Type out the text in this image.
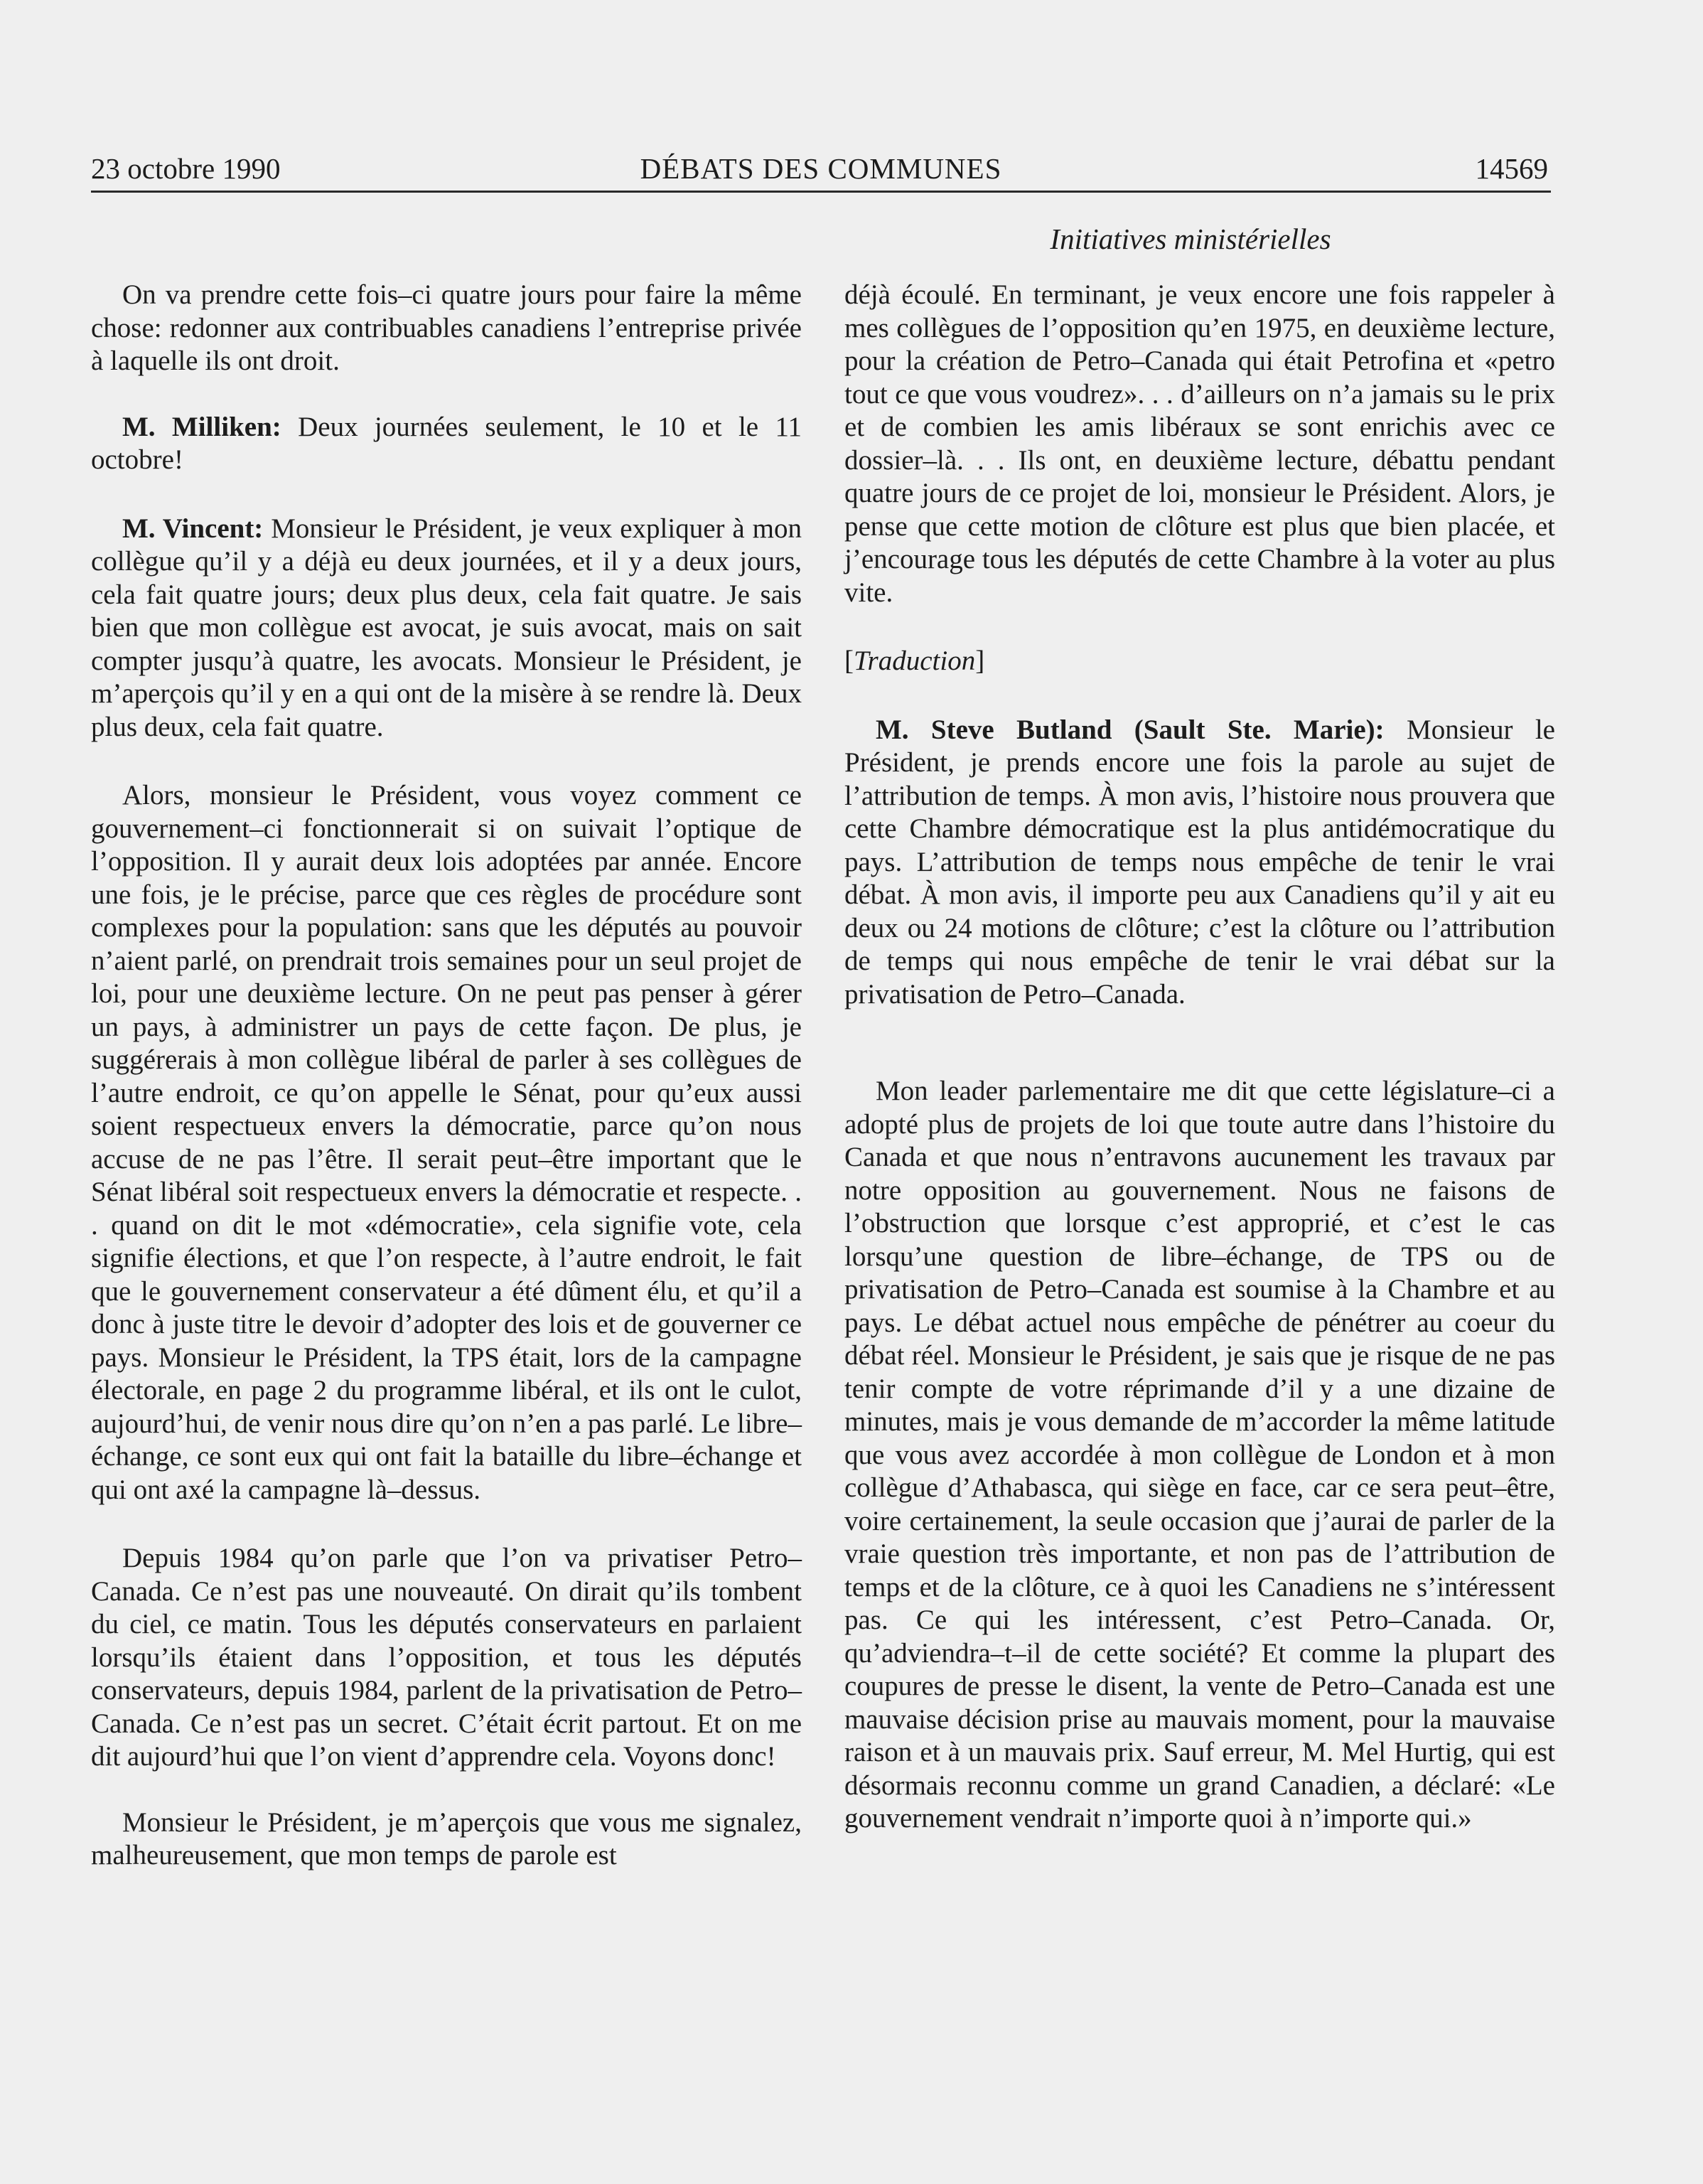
23 octobre 1990	DÉBATS DES COMMUNES	14569
Initiatives ministérielles

On va prendre cette fois–ci quatre jours pour faire la même chose: redonner aux contribuables canadiens l’entreprise privée à laquelle ils ont droit.

M. Milliken: Deux journées seulement, le 10 et le 11 octobre!

M. Vincent: Monsieur le Président, je veux expliquer à mon collègue qu’il y a déjà eu deux journées, et il y a deux jours, cela fait quatre jours; deux plus deux, cela fait quatre. Je sais bien que mon collègue est avocat, je suis avocat, mais on sait compter jusqu’à quatre, les avocats. Monsieur le Président, je m’aperçois qu’il y en a qui ont de la misère à se rendre là. Deux plus deux, cela fait quatre.

Alors, monsieur le Président, vous voyez comment ce gouvernement–ci fonctionnerait si on suivait l’optique de l’opposition. Il y aurait deux lois adoptées par année. Encore une fois, je le précise, parce que ces règles de procédure sont complexes pour la population: sans que les députés au pouvoir n’aient parlé, on prendrait trois semaines pour un seul projet de loi, pour une deuxième lecture. On ne peut pas penser à gérer un pays, à administrer un pays de cette façon. De plus, je suggérerais à mon collègue libéral de parler à ses collègues de l’autre endroit, ce qu’on appelle le Sénat, pour qu’eux aussi soient respectueux envers la démocratie, parce qu’on nous accuse de ne pas l’être. Il serait peut–être important que le Sénat libéral soit respectueux envers la démocratie et respecte. . . quand on dit le mot «démocratie», cela signifie vote, cela signifie élections, et que l’on respecte, à l’autre endroit, le fait que le gouvernement conservateur a été dûment élu, et qu’il a donc à juste titre le devoir d’adopter des lois et de gouverner ce pays. Monsieur le Président, la TPS était, lors de la campagne électorale, en page 2 du programme libéral, et ils ont le culot, aujourd’hui, de venir nous dire qu’on n’en a pas parlé. Le libre–échange, ce sont eux qui ont fait la bataille du libre–échange et qui ont axé la campagne là–dessus.

Depuis 1984 qu’on parle que l’on va privatiser Petro–Canada. Ce n’est pas une nouveauté. On dirait qu’ils tombent du ciel, ce matin. Tous les députés conservateurs en parlaient lorsqu’ils étaient dans l’opposition, et tous les députés conservateurs, depuis 1984, parlent de la privatisation de Petro–Canada. Ce n’est pas un secret. C’était écrit partout. Et on me dit aujourd’hui que l’on vient d’apprendre cela. Voyons donc!

Monsieur le Président, je m’aperçois que vous me signalez, malheureusement, que mon temps de parole est

déjà écoulé. En terminant, je veux encore une fois rappeler à mes collègues de l’opposition qu’en 1975, en deuxième lecture, pour la création de Petro–Canada qui était Petrofina et «petro tout ce que vous voudrez». . . d’ailleurs on n’a jamais su le prix et de combien les amis libéraux se sont enrichis avec ce dossier–là. . . Ils ont, en deuxième lecture, débattu pendant quatre jours de ce projet de loi, monsieur le Président. Alors, je pense que cette motion de clôture est plus que bien placée, et j’encourage tous les députés de cette Chambre à la voter au plus vite.

[Traduction]

M. Steve Butland (Sault Ste. Marie): Monsieur le Président, je prends encore une fois la parole au sujet de l’attribution de temps. À mon avis, l’histoire nous prouvera que cette Chambre démocratique est la plus antidémocratique du pays. L’attribution de temps nous empêche de tenir le vrai débat. À mon avis, il importe peu aux Canadiens qu’il y ait eu deux ou 24 motions de clôture; c’est la clôture ou l’attribution de temps qui nous empêche de tenir le vrai débat sur la privatisation de Petro–Canada.

Mon leader parlementaire me dit que cette législature–ci a adopté plus de projets de loi que toute autre dans l’histoire du Canada et que nous n’entravons aucunement les travaux par notre opposition au gouvernement. Nous ne faisons de l’obstruction que lorsque c’est approprié, et c’est le cas lorsqu’une question de libre–échange, de TPS ou de privatisation de Petro–Canada est soumise à la Chambre et au pays. Le débat actuel nous empêche de pénétrer au coeur du débat réel. Monsieur le Président, je sais que je risque de ne pas tenir compte de votre réprimande d’il y a une dizaine de minutes, mais je vous demande de m’accorder la même latitude que vous avez accordée à mon collègue de London et à mon collègue d’Athabasca, qui siège en face, car ce sera peut–être, voire certainement, la seule occasion que j’aurai de parler de la vraie question très importante, et non pas de l’attribution de temps et de la clôture, ce à quoi les Canadiens ne s’intéressent pas. Ce qui les intéressent, c’est Petro–Canada. Or, qu’adviendra–t–il de cette société? Et comme la plupart des coupures de presse le disent, la vente de Petro–Canada est une mauvaise décision prise au mauvais moment, pour la mauvaise raison et à un mauvais prix. Sauf erreur, M. Mel Hurtig, qui est désormais reconnu comme un grand Canadien, a déclaré: «Le gouvernement vendrait n’importe quoi à n’importe qui.»
